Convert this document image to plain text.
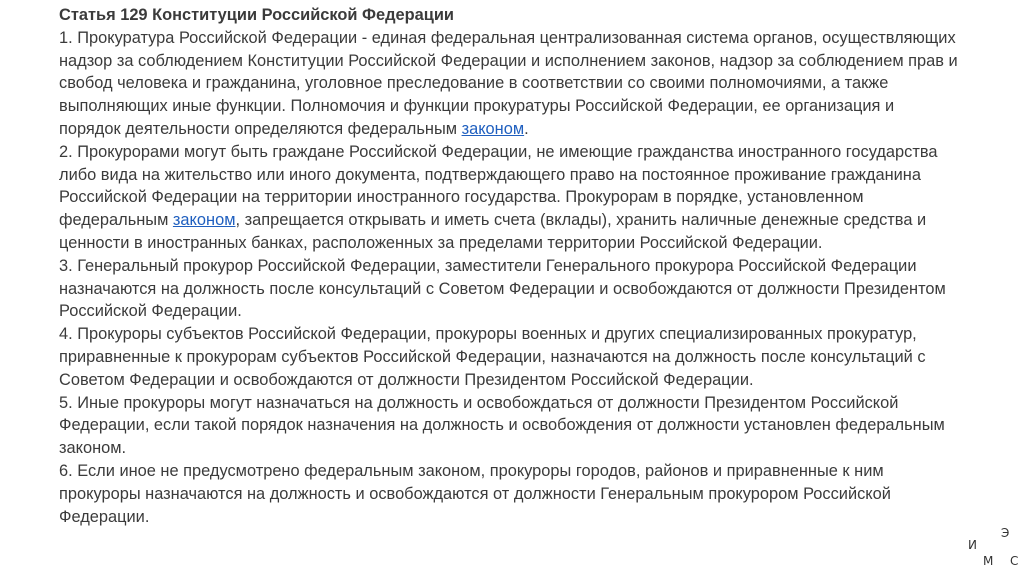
Статья 129 Конституции Российской Федерации

1. Прокуратура Российской Федерации - единая федеральная централизованная система органов, осуществляющих надзор за соблюдением Конституции Российской Федерации и исполнением законов, надзор за соблюдением прав и свобод человека и гражданина, уголовное преследование в соответствии со своими полномочиями, а также выполняющих иные функции. Полномочия и функции прокуратуры Российской Федерации, ее организация и порядок деятельности определяются федеральным законом.

2. Прокурорами могут быть граждане Российской Федерации, не имеющие гражданства иностранного государства либо вида на жительство или иного документа, подтверждающего право на постоянное проживание гражданина Российской Федерации на территории иностранного государства. Прокурорам в порядке, установленном федеральным законом, запрещается открывать и иметь счета (вклады), хранить наличные денежные средства и ценности в иностранных банках, расположенных за пределами территории Российской Федерации.

3. Генеральный прокурор Российской Федерации, заместители Генерального прокурора Российской Федерации назначаются на должность после консультаций с Советом Федерации и освобождаются от должности Президентом Российской Федерации.

4. Прокуроры субъектов Российской Федерации, прокуроры военных и других специализированных прокуратур, приравненные к прокурорам субъектов Российской Федерации, назначаются на должность после консультаций с Советом Федерации и освобождаются от должности Президентом Российской Федерации.

5. Иные прокуроры могут назначаться на должность и освобождаться от должности Президентом Российской Федерации, если такой порядок назначения на должность и освобождения от должности установлен федеральным законом.

6. Если иное не предусмотрено федеральным законом, прокуроры городов, районов и приравненные к ним прокуроры назначаются на должность и освобождаются от должности Генеральным прокурором Российской Федерации.

И
М
Э
С
